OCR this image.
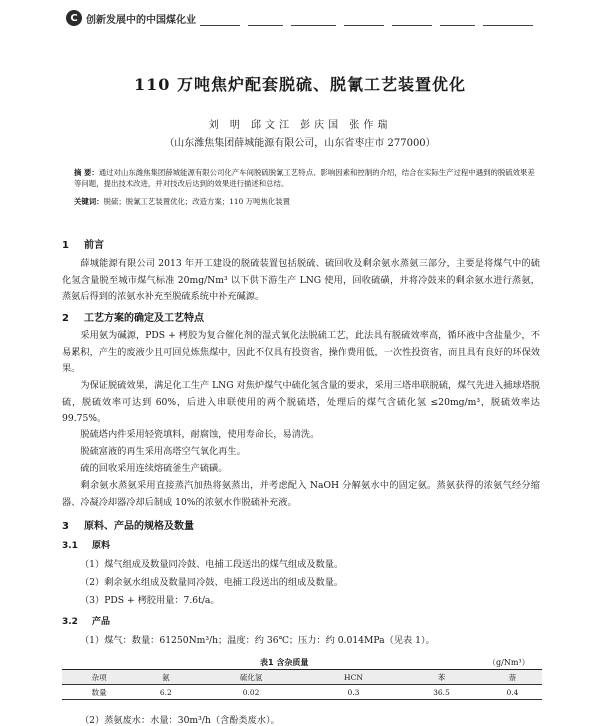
C 创新发展中的中国煤化业
110 万吨焦炉配套脱硫、脱氰工艺装置优化
刘 明 邱文江 彭庆国 张作瑞
（山东潍焦集团薛城能源有限公司，山东省枣庄市 277000）
摘 要：通过对山东潍焦集团薛城能源有限公司化产车间脱硫脱氰工艺特点、影响因素和控制的介绍，结合在实际生产过程中遇到的脱硫效果差等问题，提出技术改进，并对技改后达到的效果进行描述和总结。
关键词：脱硫；脱氰工艺装置优化；改造方案；110 万吨焦化装置
1 前言
薛城能源有限公司 2013 年开工建设的脱硫装置包括脱硫、硫回收及剩余氨水蒸氨三部分，主要是将煤气中的硫化氢含量脱至城市煤气标准 20mg/Nm³ 以下供下游生产 LNG 使用，回收硫磺，并将冷鼓来的剩余氨水进行蒸氨，蒸氨后得到的浓氨水补充至脱硫系统中补充碱源。
2 工艺方案的确定及工艺特点
采用氨为碱源，PDS + 栲胶为复合催化剂的湿式氧化法脱硫工艺，此法具有脱硫效率高，循环液中含盐量少，不易累积，产生的废液少且可回兑炼焦煤中，因此不仅具有投资省，操作费用低，一次性投资省，而且具有良好的环保效果。
为保证脱硫效果，满足化工生产 LNG 对焦炉煤气中硫化氢含量的要求，采用三塔串联脱硫，煤气先进入捕球塔脱硫，脱硫效率可达到 60%，后进入串联使用的两个脱硫塔，处理后的煤气含硫化氢 ≤20mg/m³，脱硫效率达 99.75%。
脱硫塔内件采用轻瓷填料，耐腐蚀，使用寿命长，易清洗。
脱硫富液的再生采用高塔空气氧化再生。
硫的回收采用连续熔硫釜生产硫磺。
剩余氨水蒸氨采用直接蒸汽加热将氨蒸出，并考虑配入 NaOH 分解氨水中的固定氨。蒸氨获得的浓氨气经分缩器、冷凝冷却器冷却后制成 10%的浓氨水作脱硫补充液。
3 原料、产品的规格及数量
3.1 原料
（1）煤气组成及数量同冷鼓、电捕工段送出的煤气组成及数量。
（2）剩余氨水组成及数量同冷鼓、电捕工段送出的组成及数量。
（3）PDS + 栲胶用量：7.6t/a。
3.2 产品
（1）煤气：数量：61250Nm³/h；温度：约 36℃；压力：约 0.014MPa（见表 1）。
表1 含杂质量	（g/Nm³）
杂项	氨	硫化氢	HCN	苯	萘
数量	6.2	0.02	0.3	36.5	0.4
（2）蒸氨废水：水量：30m³/h（含酚类废水）。
